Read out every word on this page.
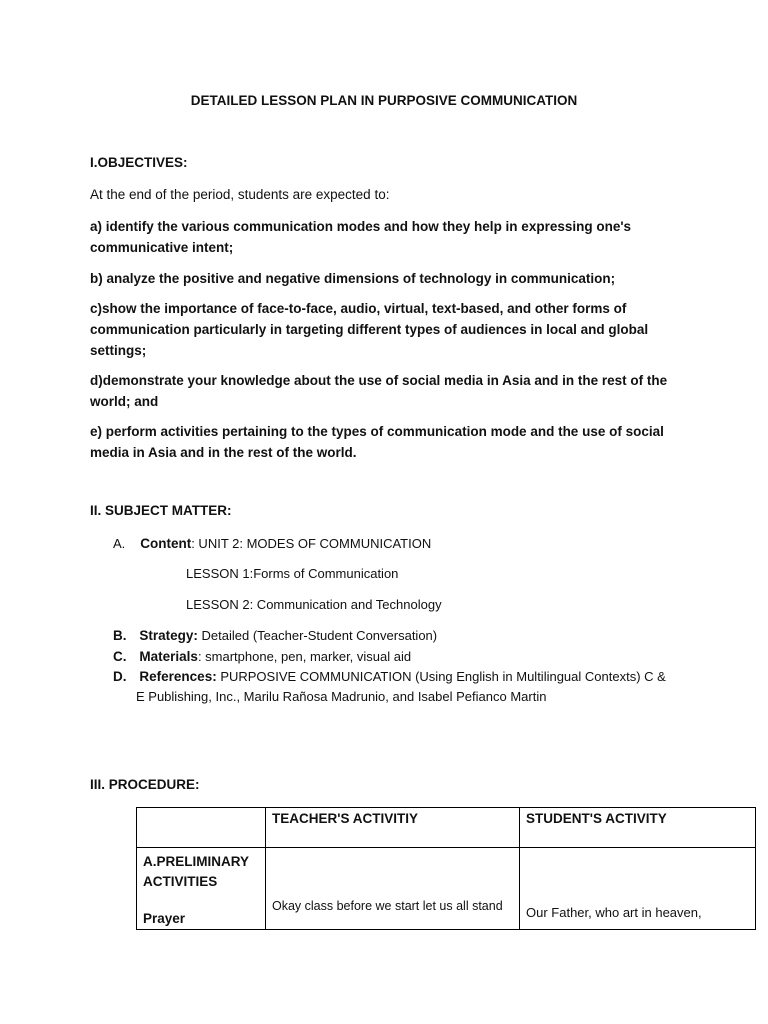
DETAILED LESSON PLAN IN PURPOSIVE COMMUNICATION
I.OBJECTIVES:
At the end of the period, students are expected to:
a) identify the various communication modes and how they help in expressing one's communicative intent;
b) analyze the positive and negative dimensions of technology in communication;
c)show the importance of face-to-face, audio, virtual, text-based, and other forms of communication particularly in targeting different types of audiences in local and global settings;
d)demonstrate your knowledge about the use of social media in Asia and in the rest of the world; and
e) perform activities pertaining to the types of communication mode and the use of social media in Asia and in the rest of the world.
II. SUBJECT MATTER:
A. Content: UNIT 2: MODES OF COMMUNICATION
LESSON 1:Forms of Communication
LESSON 2: Communication and Technology
B. Strategy: Detailed (Teacher-Student Conversation)
C. Materials: smartphone, pen, marker, visual aid
D. References: PURPOSIVE COMMUNICATION (Using English in Multilingual Contexts) C &
E Publishing, Inc., Marilu Rañosa Madrunio, and Isabel Pefianco Martin
III. PROCEDURE:

	TEACHER'S ACTIVITIY	STUDENT'S ACTIVITY

A.PRELIMINARY
ACTIVITIES
Prayer	Okay class before we start let us all stand	Our Father, who art in heaven,
